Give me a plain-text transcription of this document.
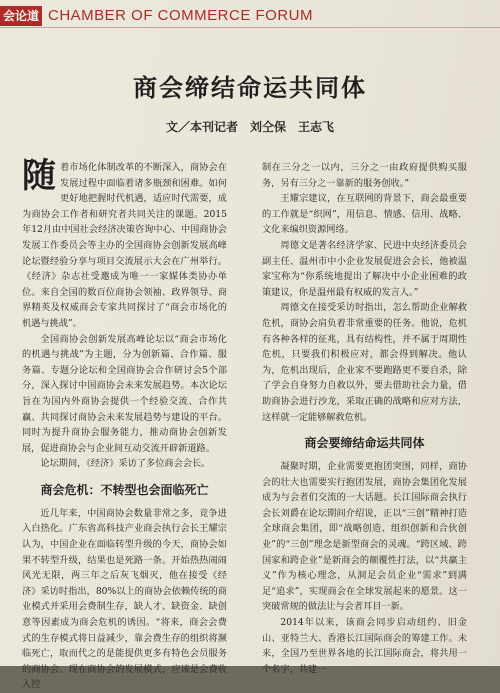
会论道 CHAMBER OF COMMERCE FORUM
商会缔结命运共同体
文／本刊记者　刘仝保　王志飞

随着市场化体制改革的不断深入，商协会在发展过程中面临着诸多瓶颈和困难。如何更好地把握时代机遇，适应时代需要，成为商协会工作者和研究者共同关注的课题。2015年12月由中国社会经济决策咨询中心、中国商协会发展工作委员会等主办的全国商协会创新发展高峰论坛暨经验分享与项目交流展示大会在广州举行。《经济》杂志社受邀成为唯一一家媒体类协办单位。来自全国的数百位商协会领袖、政界领导、商界精英及权威商会专家共同探讨了“商会市场化的机遇与挑战”。

全国商协会创新发展高峰论坛以“商会市场化的机遇与挑战”为主题，分为创新篇、合作篇、服务篇、专题分论坛和全国商协会合作研讨会5个部分，深入探讨中国商协会未来发展趋势。本次论坛旨在为国内外商协会提供一个经验交流、合作共赢、共同探讨商协会未来发展趋势与建设的平台。同时为提升商协会服务能力，推动商协会创新发展，促进商协会与企业间互动交流开辟新道路。

论坛期间，《经济》采访了多位商会会长。

商会危机：不转型也会面临死亡

近几年来，中国商协会数量非常之多，竞争进入白热化。广东省高科技产业商会执行会长王耀宗认为，中国企业在面临转型升级的今天，商协会如果不转型升级，结果也是死路一条。开始热热闹闹风光无限，两三年之后灰飞烟灭，他在接受《经济》采访时指出，80%以上的商协会依赖传统的商业模式并采用会费制生存，缺人才、缺资金、缺创意等因素成为商会危机的诱因。“将来，商会会费式的生存模式将日益减少，靠会费生存的组织将濒临死亡，取而代之的是能提供更多有特色会员服务的商协会。现在商协会的发展模式，应该是会费收入控

制在三分之一以内，三分之一由政府提供购买服务，另有三分之一靠新的服务创收。”

王耀宗建议，在互联网的背景下，商会最重要的工作就是“织网”，用信息、情感、信用、战略、文化来编织资源网络。

周德文是著名经济学家、民进中央经济委员会副主任、温州市中小企业发展促进会会长，他被温家宝称为“你系统地提出了解决中小企业困难的政策建议，你是温州最有权威的发言人。”

周德文在接受采访时指出，怎么帮助企业解救危机，商协会肩负着非常重要的任务。他说，危机有各种各样的征兆，具有结构性，并不属于周期性危机，只要我们积极应对，都会得到解决。他认为，危机出现后，企业家不要跑路更不要自杀，除了学会自身努力自救以外，要去借助社会力量，借助商协会进行沙龙，采取正确的战略和应对方法，这样就一定能够解救危机。

商会要缔结命运共同体

凝聚时期，企业需要更抱团突围，同样，商协会的壮大也需要实行抱团发展，商协会集团化发展成为与会者们交流的一大话题。长江国际商会执行会长刘爵在论坛期间介绍说，正以“三创”精神打造全球商会集团，即“战略创造、组织创新和合伙创业”的“三创”理念是新型商会的灵魂。“跨区域、跨国家和跨企业”是新商会的颠覆性打法，以“共赢主义”作为核心理念，从洞足会员企业“需求”到满足“追求”，实现商会在全球发展起来的愿景。这一突破常规的做法让与会者耳目一新。

2014年以来，该商会同步启动纽约、旧金山、亚特兰大、香港长江国际商会的筹建工作。未来，全国乃至世界各地的长江国际商会，将共用一个名字，共建一
